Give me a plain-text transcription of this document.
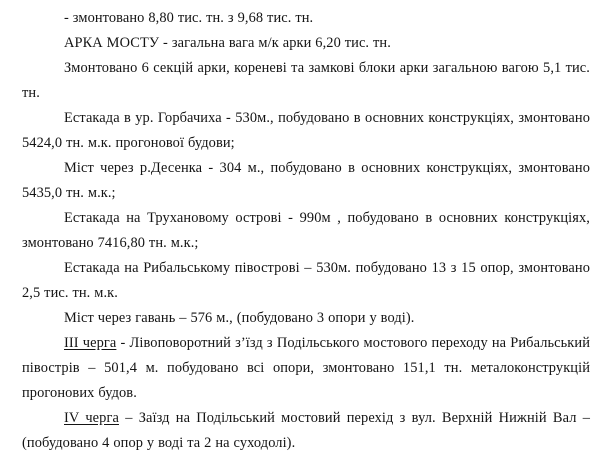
- змонтовано 8,80 тис. тн. з 9,68 тис. тн.

АРКА МОСТУ - загальна вага м/к арки 6,20 тис. тн.

Змонтовано 6 секцій арки, кореневі та замкові блоки арки загальною вагою 5,1 тис. тн.

Естакада в ур. Горбачиха - 530м., побудовано в основних конструкціях, змонтовано 5424,0 тн. м.к. прогонової будови;

Міст через р.Десенка - 304 м., побудовано в основних конструкціях, змонтовано 5435,0 тн. м.к.;

Естакада на Трухановому острові - 990м , побудовано в основних конструкціях, змонтовано 7416,80 тн. м.к.;

Естакада на Рибальському півострові – 530м. побудовано 13 з 15 опор, змонтовано 2,5 тис. тн. м.к.

Міст через гавань – 576 м., (побудовано 3 опори у воді).

ІІІ черга - Лівоповоротний з’їзд з Подільського мостового переходу на Рибальський півострів – 501,4 м. побудовано всі опори, змонтовано 151,1 тн. металоконструкцій прогонових будов.

IV черга – Заїзд на Подільський мостовий перехід з вул. Верхній Нижній Вал – (побудовано 4 опор у воді та 2 на суходолі).
